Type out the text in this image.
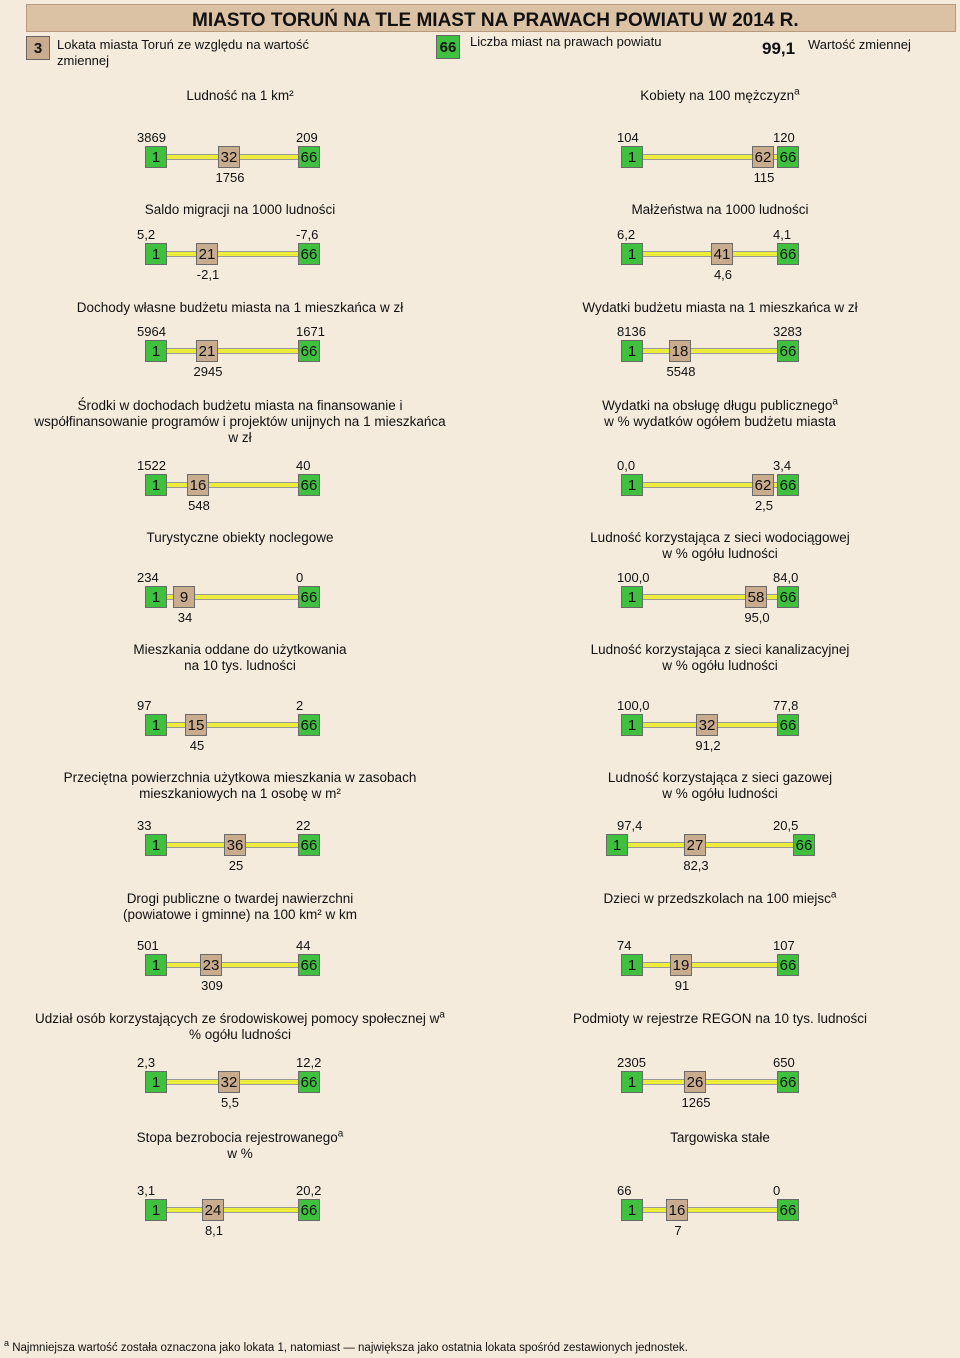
MIASTO TORUŃ NA TLE MIAST NA PRAWACH POWIATU W 2014 R.
3	Lokata miasta Toruń ze względu na wartość
zmiennej
66 Liczba miast na prawach powiatu	99,1 Wartość zmiennej
Ludność na 1 km²
3869	209
1	32	66
1756
Kobiety na 100 mężczyzn$^a$
104	120
1	62 66
115
Saldo migracji na 1000 ludności
5,2	-7,6
1	21	66
-2,1
Małżeństwa na 1000 ludności
6,2	4,1
1	41	66
4,6
Dochody własne budżetu miasta na 1 mieszkańca w zł
5964	1671
1	21	66
2945
Wydatki budżetu miasta na 1 mieszkańca w zł
8136	3283
1	18	66
5548
Środki w dochodach budżetu miasta na finansowanie i
współfinansowanie programów i projektów unijnych na 1 mieszkańca
w zł
1522	40
1	16	66
548
Wydatki na obsługę długu publicznego$^a$
w % wydatków ogółem budżetu miasta
0,0	3,4
1	62 66
2,5
Turystyczne obiekty noclegowe
234	0
1	9	66
34
Ludność korzystająca z sieci wodociągowej
w % ogółu ludności
100,0	84,0
1	58 66
95,0
Mieszkania oddane do użytkowania
na 10 tys. ludności
97	2
1	15	66
45
Ludność korzystająca z sieci kanalizacyjnej
w % ogółu ludności
100,0	77,8
1	32	66
91,2
Przeciętna powierzchnia użytkowa mieszkania w zasobach
mieszkaniowych na 1 osobę w m²
33	22
1	36	66
25
Ludność korzystająca z sieci gazowej
w % ogółu ludności
97,4	20,5
1	27	66
82,3
Drogi publiczne o twardej nawierzchni
(powiatowe i gminne) na 100 km² w km
501	44
1	23	66
309
Dzieci w przedszkolach na 100 miejsc$^a$
74	107
1	19	66
91
Udział osób korzystających ze środowiskowej pomocy społecznej $w^a$
% ogółu ludności
2,3	12,2
1	32	66
5,5
Podmioty w rejestrze REGON na 10 tys. ludności
2305	650
1	26	66
1265
Stopa bezrobocia rejestrowanego$^a$
w %
3,1	20,2
1	24	66
8,1
Targowiska stałe
66	0
1	16	66
7
$^a$ Najmniejsza wartość została oznaczona jako lokata 1, natomiast — największa jako ostatnia lokata spośród zestawionych jednostek.
